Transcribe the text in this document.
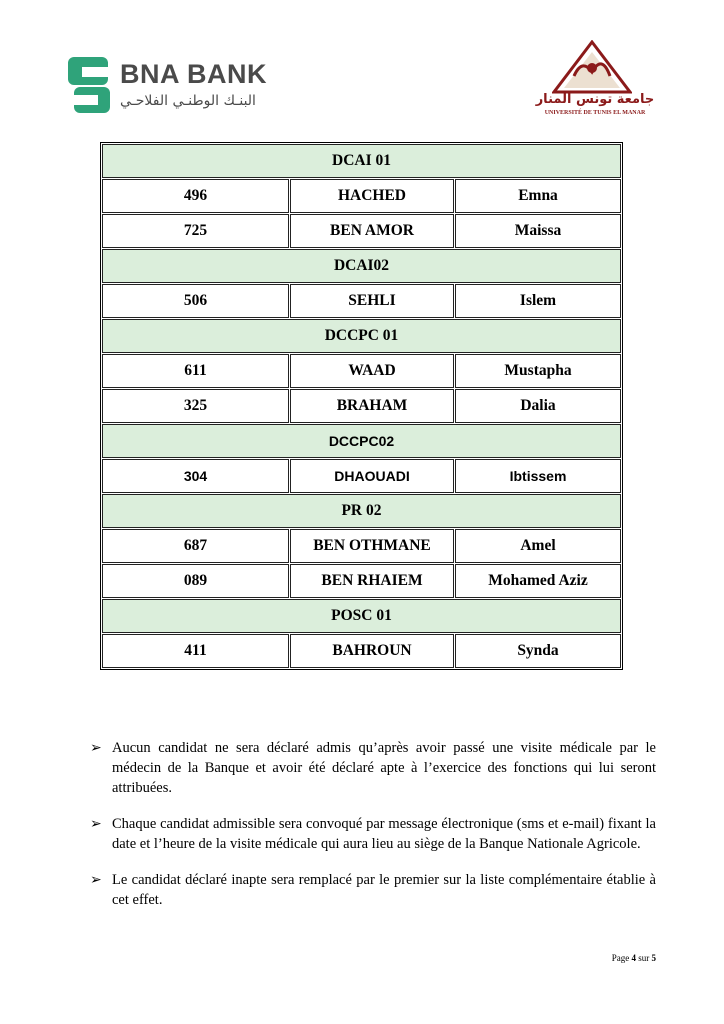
BNA BANK
البنـك الوطنـي الفلاحـي	جامعة تونس المنار
UNIVERSITÉ DE TUNIS EL MANAR
DCAI 01		
496	HACHED	Emna
725	BEN AMOR	Maissa
DCAI02		
506	SEHLI	Islem
DCCPC 01		
611	WAAD	Mustapha
325	BRAHAM	Dalia
DCCPC02		
304	DHAOUADI	Ibtissem
PR 02		
687	BEN OTHMANE	Amel
089	BEN RHAIEM	Mohamed Aziz
POSC 01		
411	BAHROUN	Synda
➢ Aucun candidat ne sera déclaré admis qu’après avoir passé une visite médicale par le médecin de la Banque et avoir été déclaré apte à l’exercice des fonctions qui lui seront attribuées.
➢ Chaque candidat admissible sera convoqué par message électronique (sms et e-mail) fixant la date et l’heure de la visite médicale qui aura lieu au siège de la Banque Nationale Agricole.
➢ Le candidat déclaré inapte sera remplacé par le premier sur la liste complémentaire établie à cet effet.
Page 4 sur 5
